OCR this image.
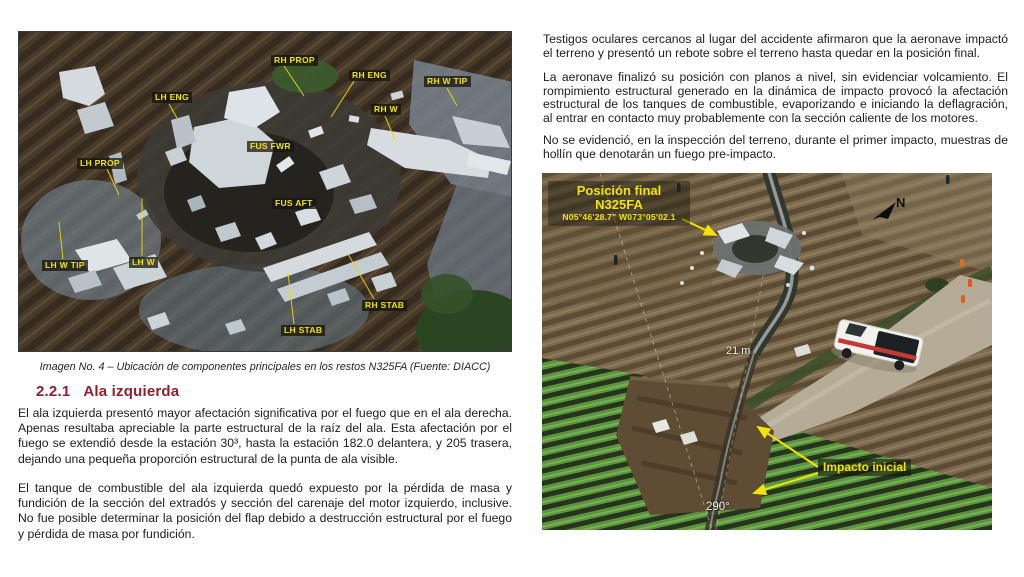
LH ENG
RH PROP
RH ENG
RH W TIP
RH W
FUS FWR
LH PROP
FUS AFT
LH W TIP	LH W
RH STAB
LH STAB
Imagen No. 4 – Ubicación de componentes principales en los restos N325FA (Fuente: DIACC)
2.2.1 Ala izquierda

El ala izquierda presentó mayor afectación significativa por el fuego que en el ala derecha. Apenas resultaba apreciable la parte estructural de la raíz del ala. Esta afectación por el fuego se extendió desde la estación 30³, hasta la estación 182.0 delantera, y 205 trasera, dejando una pequeña proporción estructural de la punta de ala visible.

El tanque de combustible del ala izquierda quedó expuesto por la pérdida de masa y fundición de la sección del extradós y sección del carenaje del motor izquierdo, inclusive. No fue posible determinar la posición del flap debido a destrucción estructural por el fuego y pérdida de masa por fundición.

Testigos oculares cercanos al lugar del accidente afirmaron que la aeronave impactó el terreno y presentó un rebote sobre el terreno hasta quedar en la posición final.

La aeronave finalizó su posición con planos a nivel, sin evidenciar volcamiento. El rompimiento estructural generado en la dinámica de impacto provocó la afectación estructural de los tanques de combustible, evaporizando e iniciando la deflagración, al entrar en contacto muy probablemente con la sección caliente de los motores.

No se evidenció, en la inspección del terreno, durante el primer impacto, muestras de hollín que denotarán un fuego pre-impacto.

Posición final
N325FA
N05°46'28.7" W073°05'02.1
N
21 m
Impacto inicial
290°
